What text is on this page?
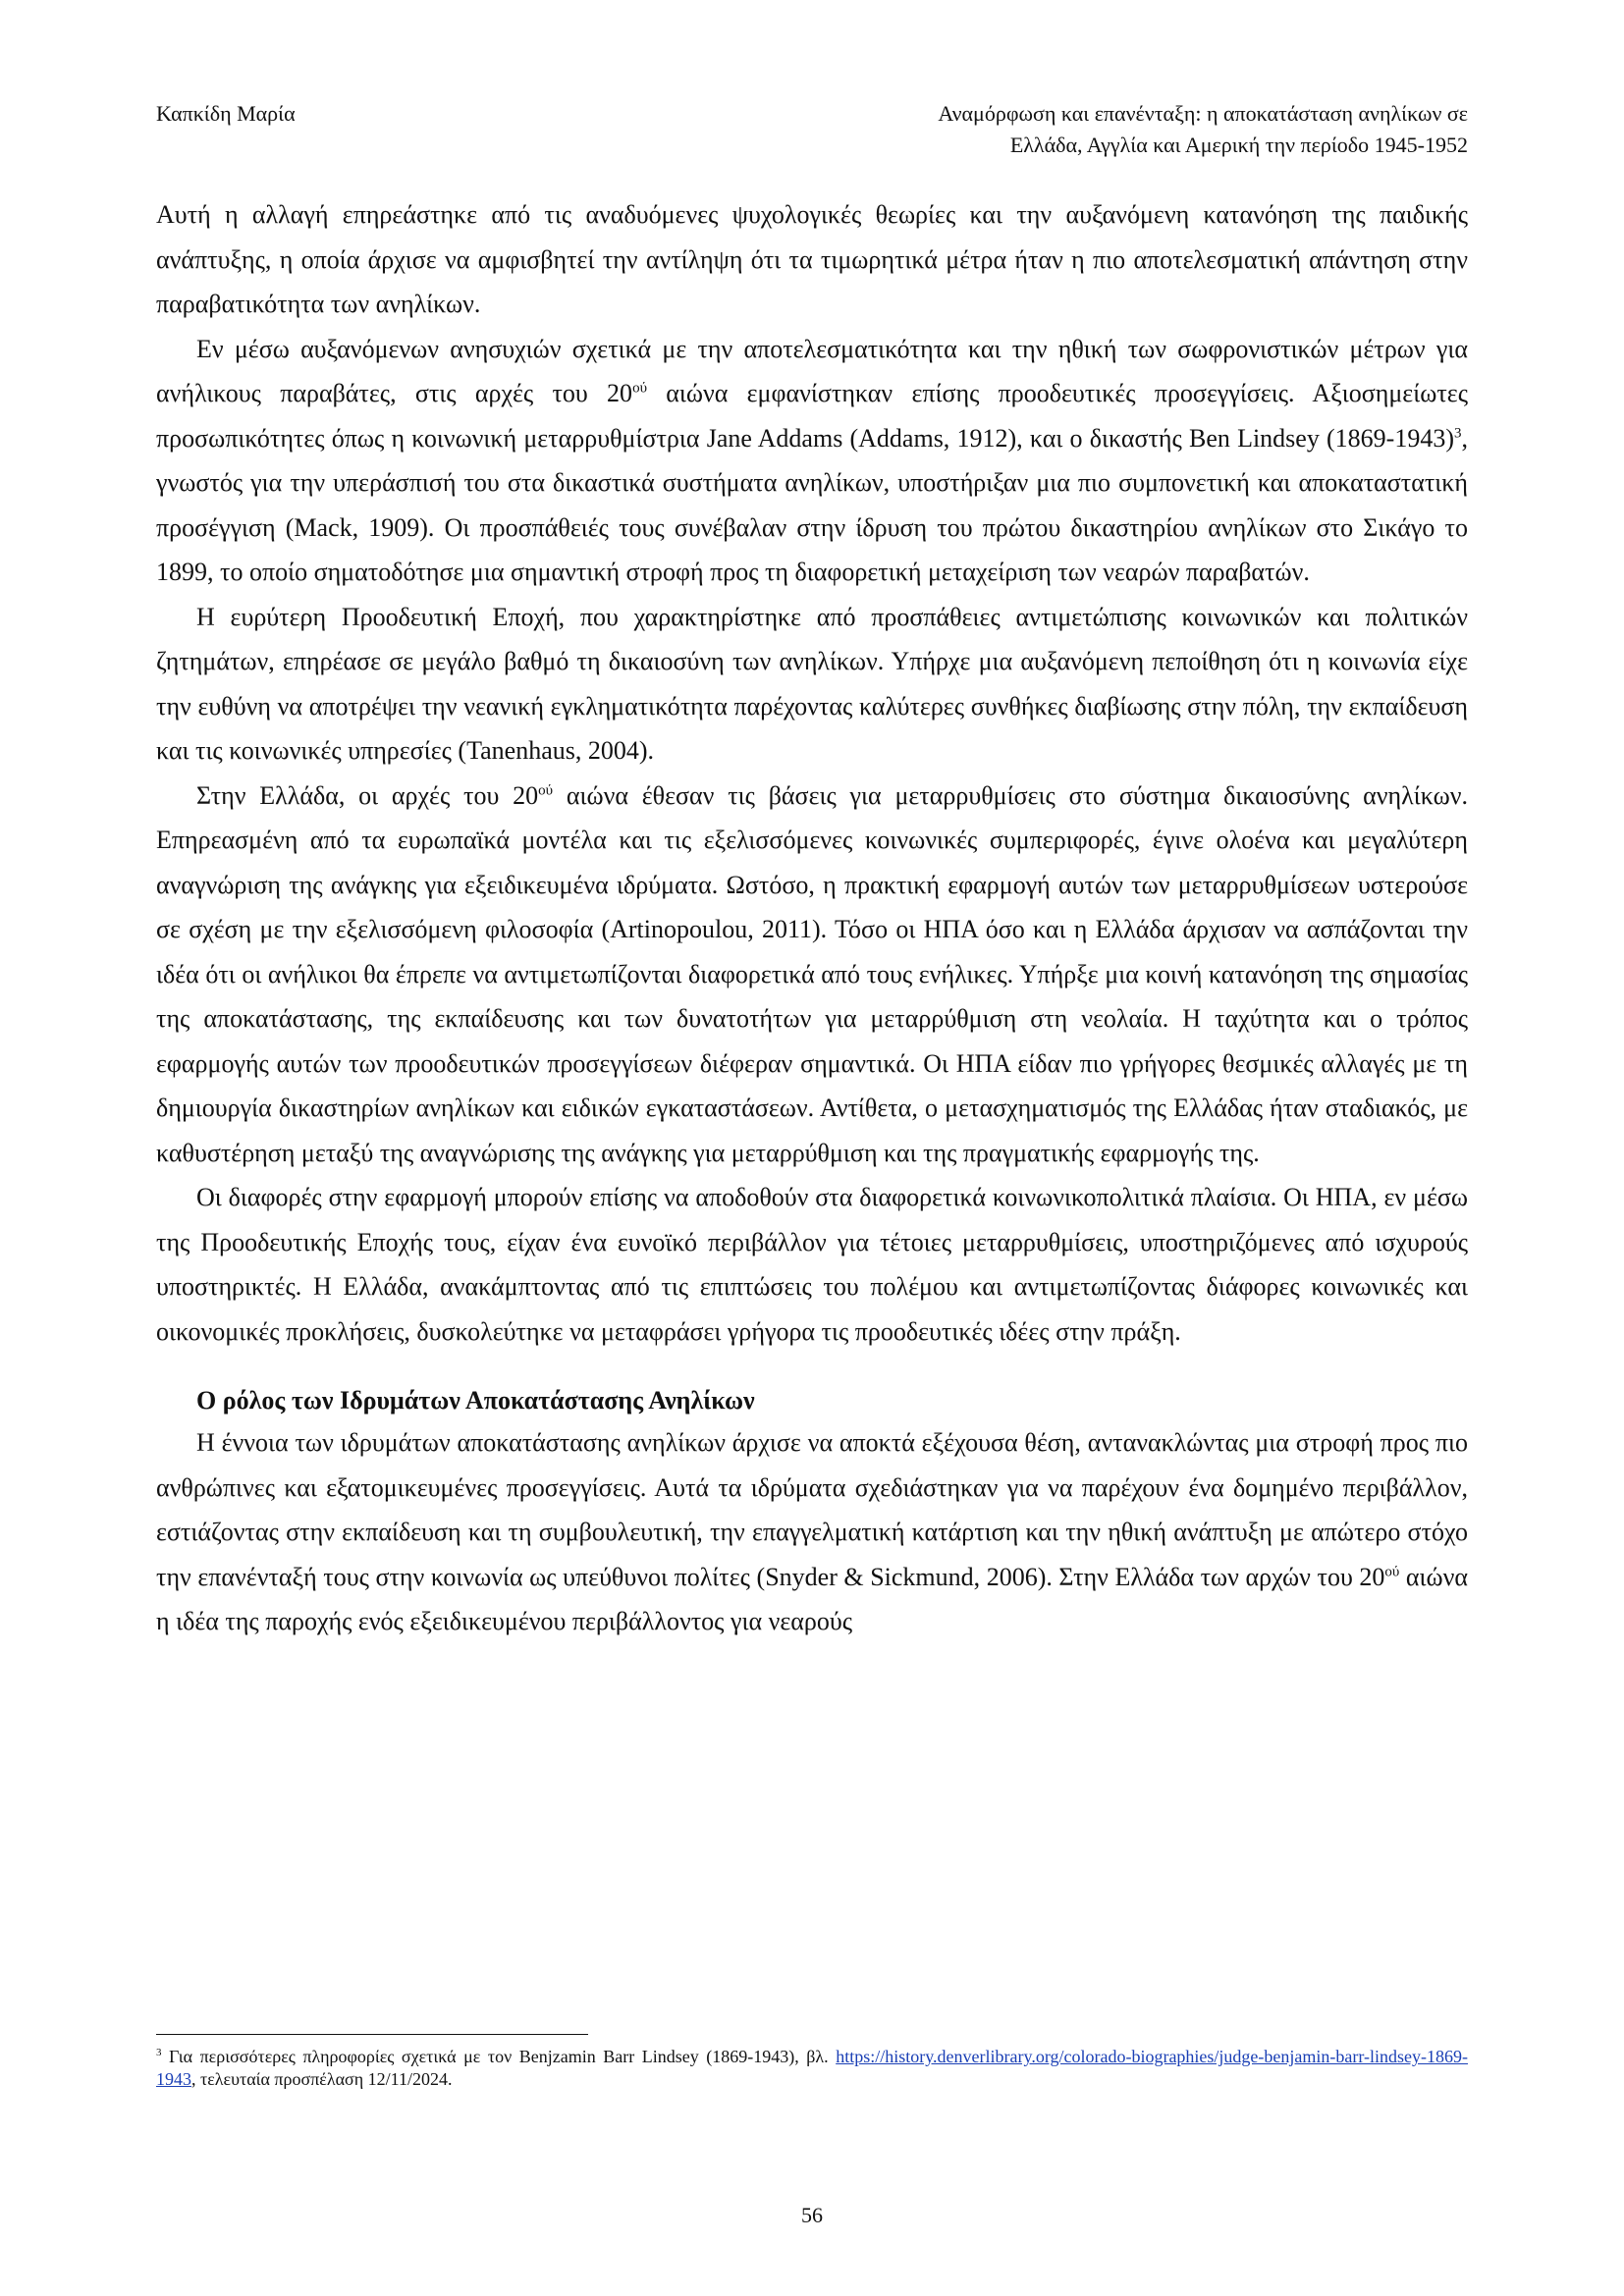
Καπκίδη Μαρία	Αναμόρφωση και επανένταξη: η αποκατάσταση ανηλίκων σε
Ελλάδα, Αγγλία και Αμερική την περίοδο 1945-1952

Αυτή η αλλαγή επηρεάστηκε από τις αναδυόμενες ψυχολογικές θεωρίες και την αυξανόμενη κατανόηση της παιδικής ανάπτυξης, η οποία άρχισε να αμφισβητεί την αντίληψη ότι τα τιμωρητικά μέτρα ήταν η πιο αποτελεσματική απάντηση στην παραβατικότητα των ανηλίκων.

Εν μέσω αυξανόμενων ανησυχιών σχετικά με την αποτελεσματικότητα και την ηθική των σωφρονιστικών μέτρων για ανήλικους παραβάτες, στις αρχές του $20^{oύ}$ αιώνα εμφανίστηκαν επίσης προοδευτικές προσεγγίσεις. Αξιοσημείωτες προσωπικότητες όπως η κοινωνική μεταρρυθμίστρια Jane Addams (Addams, 1912), και ο δικαστής Ben Lindsey (1869-1943)$^3$, γνωστός για την υπεράσπισή του στα δικαστικά συστήματα ανηλίκων, υποστήριξαν μια πιο συμπονετική και αποκαταστατική προσέγγιση (Mack, 1909). Οι προσπάθειές τους συνέβαλαν στην ίδρυση του πρώτου δικαστηρίου ανηλίκων στο Σικάγο το 1899, το οποίο σηματοδότησε μια σημαντική στροφή προς τη διαφορετική μεταχείριση των νεαρών παραβατών.

Η ευρύτερη Προοδευτική Εποχή, που χαρακτηρίστηκε από προσπάθειες αντιμετώπισης κοινωνικών και πολιτικών ζητημάτων, επηρέασε σε μεγάλο βαθμό τη δικαιοσύνη των ανηλίκων. Υπήρχε μια αυξανόμενη πεποίθηση ότι η κοινωνία είχε την ευθύνη να αποτρέψει την νεανική εγκληματικότητα παρέχοντας καλύτερες συνθήκες διαβίωσης στην πόλη, την εκπαίδευση και τις κοινωνικές υπηρεσίες (Tanenhaus, 2004).

Στην Ελλάδα, οι αρχές του $20^{oύ}$ αιώνα έθεσαν τις βάσεις για μεταρρυθμίσεις στο σύστημα δικαιοσύνης ανηλίκων. Επηρεασμένη από τα ευρωπαϊκά μοντέλα και τις εξελισσόμενες κοινωνικές συμπεριφορές, έγινε ολοένα και μεγαλύτερη αναγνώριση της ανάγκης για εξειδικευμένα ιδρύματα. Ωστόσο, η πρακτική εφαρμογή αυτών των μεταρρυθμίσεων υστερούσε σε σχέση με την εξελισσόμενη φιλοσοφία (Artinopoulou, 2011). Τόσο οι ΗΠΑ όσο και η Ελλάδα άρχισαν να ασπάζονται την ιδέα ότι οι ανήλικοι θα έπρεπε να αντιμετωπίζονται διαφορετικά από τους ενήλικες. Υπήρξε μια κοινή κατανόηση της σημασίας της αποκατάστασης, της εκπαίδευσης και των δυνατοτήτων για μεταρρύθμιση στη νεολαία. Η ταχύτητα και ο τρόπος εφαρμογής αυτών των προοδευτικών προσεγγίσεων διέφεραν σημαντικά. Οι ΗΠΑ είδαν πιο γρήγορες θεσμικές αλλαγές με τη δημιουργία δικαστηρίων ανηλίκων και ειδικών εγκαταστάσεων. Αντίθετα, ο μετασχηματισμός της Ελλάδας ήταν σταδιακός, με καθυστέρηση μεταξύ της αναγνώρισης της ανάγκης για μεταρρύθμιση και της πραγματικής εφαρμογής της.

Οι διαφορές στην εφαρμογή μπορούν επίσης να αποδοθούν στα διαφορετικά κοινωνικοπολιτικά πλαίσια. Οι ΗΠΑ, εν μέσω της Προοδευτικής Εποχής τους, είχαν ένα ευνοϊκό περιβάλλον για τέτοιες μεταρρυθμίσεις, υποστηριζόμενες από ισχυρούς υποστηρικτές. Η Ελλάδα, ανακάμπτοντας από τις επιπτώσεις του πολέμου και αντιμετωπίζοντας διάφορες κοινωνικές και οικονομικές προκλήσεις, δυσκολεύτηκε να μεταφράσει γρήγορα τις προοδευτικές ιδέες στην πράξη.

Ο ρόλος των Ιδρυμάτων Αποκατάστασης Ανηλίκων

Η έννοια των ιδρυμάτων αποκατάστασης ανηλίκων άρχισε να αποκτά εξέχουσα θέση, αντανακλώντας μια στροφή προς πιο ανθρώπινες και εξατομικευμένες προσεγγίσεις. Αυτά τα ιδρύματα σχεδιάστηκαν για να παρέχουν ένα δομημένο περιβάλλον, εστιάζοντας στην εκπαίδευση και τη συμβουλευτική, την επαγγελματική κατάρτιση και την ηθική ανάπτυξη με απώτερο στόχο την επανένταξή τους στην κοινωνία ως υπεύθυνοι πολίτες (Snyder & Sickmund, 2006). Στην Ελλάδα των αρχών του $20^{oύ}$ αιώνα η ιδέα της παροχής ενός εξειδικευμένου περιβάλλοντος για νεαρούς

$^3$ Για περισσότερες πληροφορίες σχετικά με τον Benjzamin Barr Lindsey (1869-1943), βλ. https://history.denverlibrary.org/colorado-biographies/judge-benjamin-barr-lindsey-1869-1943, τελευταία προσπέλαση 12/11/2024.
56
